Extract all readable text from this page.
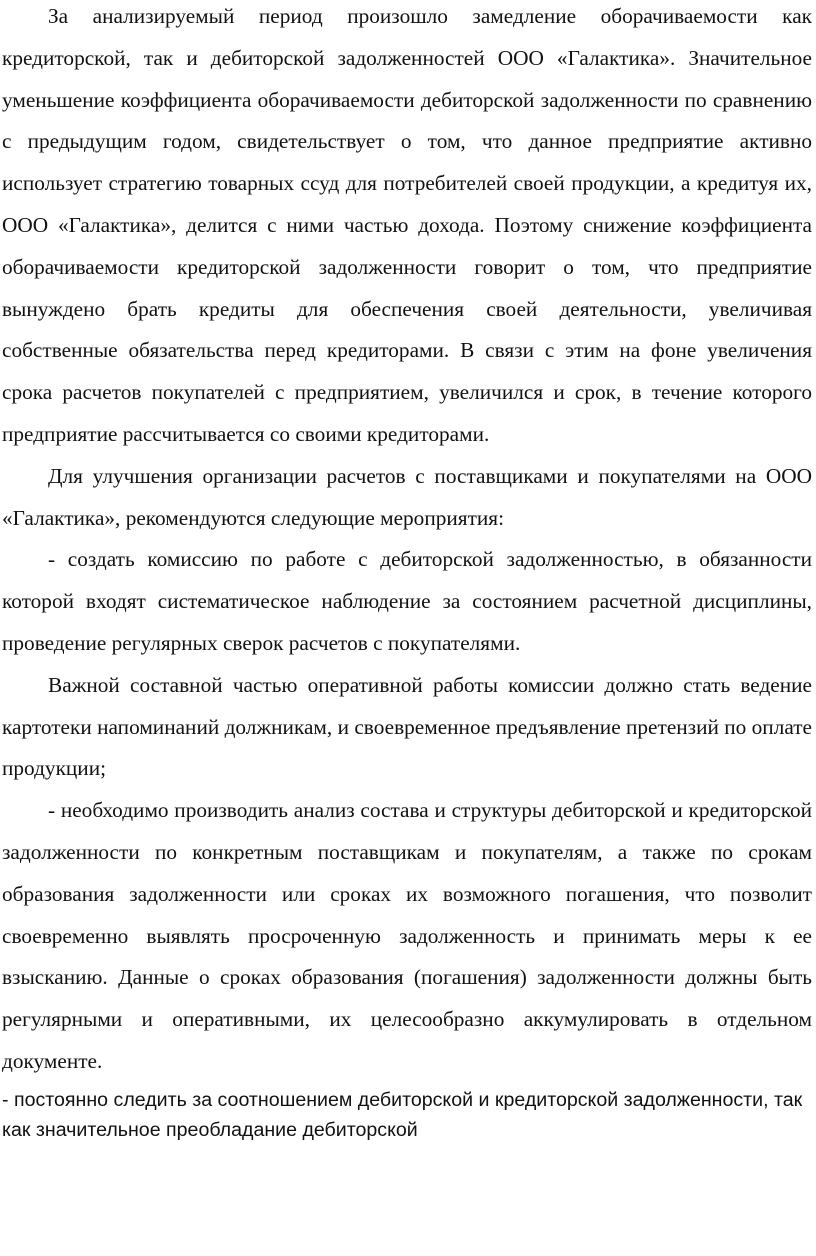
За анализируемый период произошло замедление оборачиваемости как кредиторской, так и дебиторской задолженностей ООО «Галактика». Значительное уменьшение коэффициента оборачиваемости дебиторской задолженности по сравнению с предыдущим годом, свидетельствует о том, что данное предприятие активно использует стратегию товарных ссуд для потребителей своей продукции, а кредитуя их, ООО «Галактика», делится с ними частью дохода. Поэтому снижение коэффициента оборачиваемости кредиторской задолженности говорит о том, что предприятие вынуждено брать кредиты для обеспечения своей деятельности, увеличивая собственные обязательства перед кредиторами. В связи с этим на фоне увеличения срока расчетов покупателей с предприятием, увеличился и срок, в течение которого предприятие рассчитывается со своими кредиторами.

Для улучшения организации расчетов с поставщиками и покупателями на ООО «Галактика», рекомендуются следующие мероприятия:

- создать комиссию по работе с дебиторской задолженностью, в обязанности которой входят систематическое наблюдение за состоянием расчетной дисциплины, проведение регулярных сверок расчетов с покупателями.

Важной составной частью оперативной работы комиссии должно стать ведение картотеки напоминаний должникам, и своевременное предъявление претензий по оплате продукции;

- необходимо производить анализ состава и структуры дебиторской и кредиторской задолженности по конкретным поставщикам и покупателям, а также по срокам образования задолженности или сроках их возможного погашения, что позволит своевременно выявлять просроченную задолженность и принимать меры к ее взысканию. Данные о сроках образования (погашения) задолженности должны быть регулярными и оперативными, их целесообразно аккумулировать в отдельном документе.

- постоянно следить за соотношением дебиторской и кредиторской задолженности, так как значительное преобладание дебиторской
